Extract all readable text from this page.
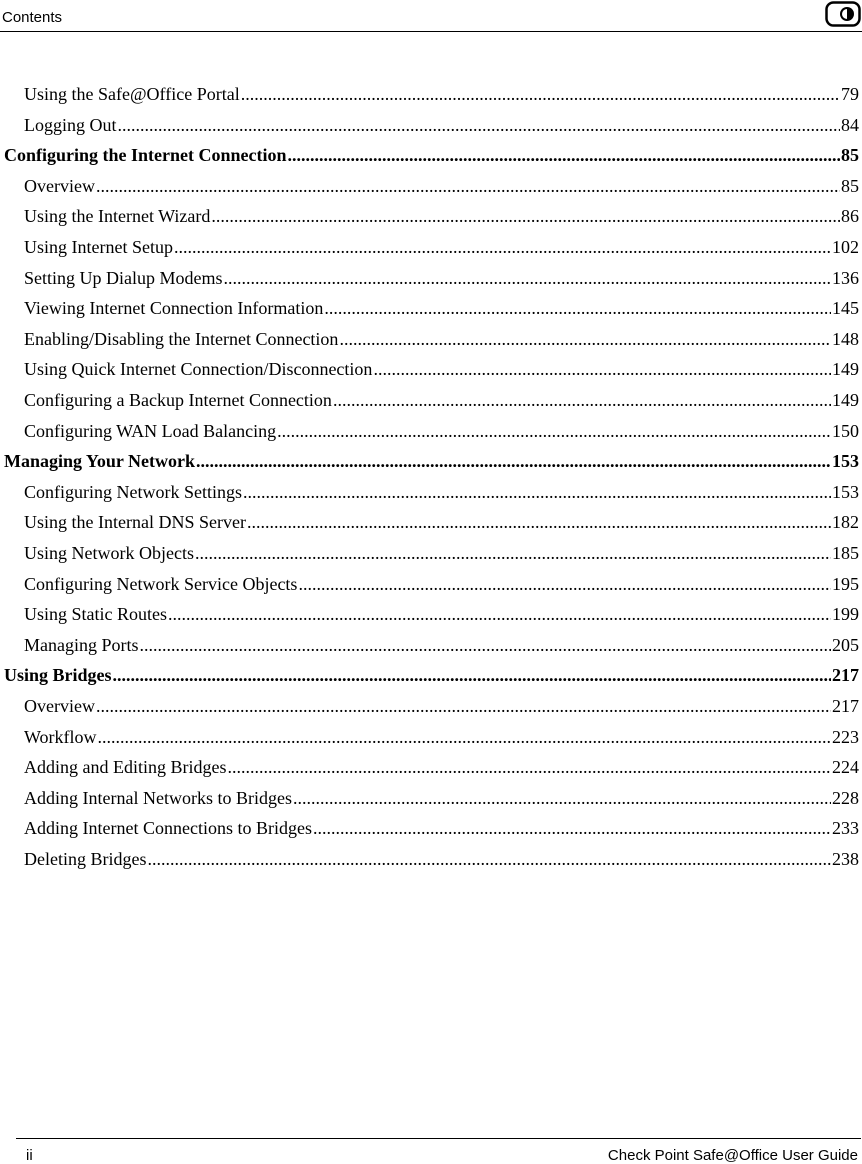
Contents
Using the Safe@Office Portal .....	79
Logging Out .....	84
Configuring the Internet Connection .....	85
Overview .....	85
Using the Internet Wizard .....	86
Using Internet Setup .....	102
Setting Up Dialup Modems .....	136
Viewing Internet Connection Information .....	145
Enabling/Disabling the Internet Connection .....	148
Using Quick Internet Connection/Disconnection .....	149
Configuring a Backup Internet Connection .....	149
Configuring WAN Load Balancing .....	150
Managing Your Network .....	153
Configuring Network Settings .....	153
Using the Internal DNS Server .....	182
Using Network Objects .....	185
Configuring Network Service Objects .....	195
Using Static Routes .....	199
Managing Ports .....	205
Using Bridges .....	217
Overview .....	217
Workflow .....	223
Adding and Editing Bridges .....	224
Adding Internal Networks to Bridges .....	228
Adding Internet Connections to Bridges .....	233
Deleting Bridges .....	238
ii	Check Point Safe@Office User Guide
